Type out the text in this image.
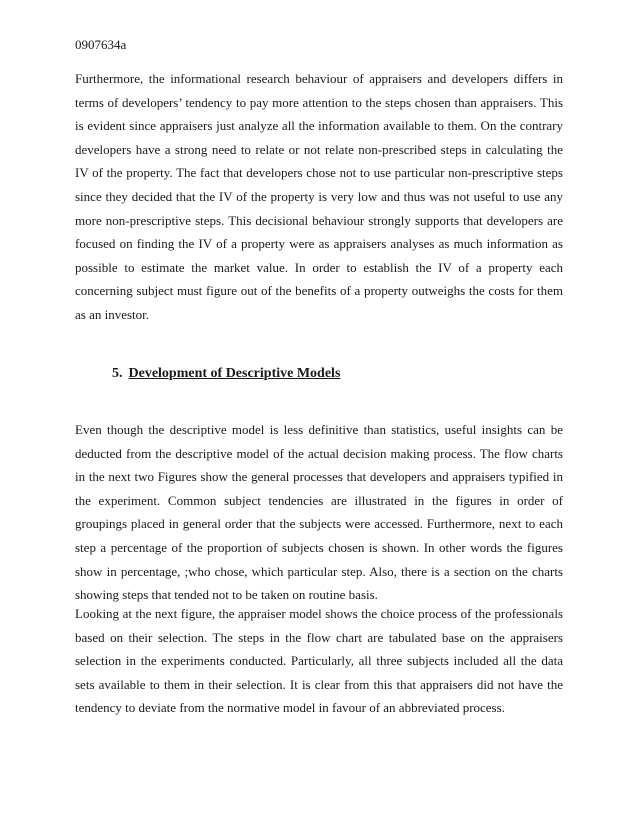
0907634a

Furthermore, the informational research behaviour of appraisers and developers differs in terms of developers’ tendency to pay more attention to the steps chosen than appraisers. This is evident since appraisers just analyze all the information available to them. On the contrary developers have a strong need to relate or not relate non-prescribed steps in calculating the IV of the property. The fact that developers chose not to use particular non-prescriptive steps since they decided that the IV of the property is very low and thus was not useful to use any more non-prescriptive steps. This decisional behaviour strongly supports that developers are focused on finding the IV of a property were as appraisers analyses as much information as possible to estimate the market value. In order to establish the IV of a property each concerning subject must figure out of the benefits of a property outweighs the costs for them as an investor.

5. Development of Descriptive Models

Even though the descriptive model is less definitive than statistics, useful insights can be deducted from the descriptive model of the actual decision making process. The flow charts in the next two Figures show the general processes that developers and appraisers typified in the experiment. Common subject tendencies are illustrated in the figures in order of groupings placed in general order that the subjects were accessed. Furthermore, next to each step a percentage of the proportion of subjects chosen is shown. In other words the figures show in percentage, ;who chose, which particular step. Also, there is a section on the charts showing steps that tended not to be taken on routine basis.

Looking at the next figure, the appraiser model shows the choice process of the professionals based on their selection. The steps in the flow chart are tabulated base on the appraisers selection in the experiments conducted. Particularly, all three subjects included all the data sets available to them in their selection. It is clear from this that appraisers did not have the tendency to deviate from the normative model in favour of an abbreviated process.
